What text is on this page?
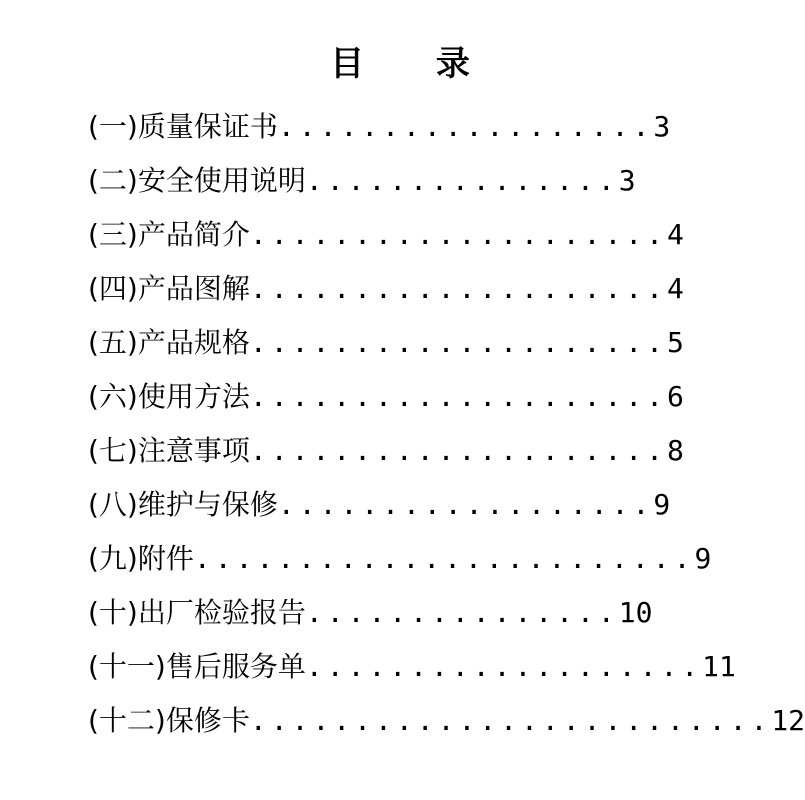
目 录
(一)质量保证书..................3
(二)安全使用说明...............3
(三)产品简介....................4
(四)产品图解....................4
(五)产品规格....................5
(六)使用方法....................6
(七)注意事项....................8
(八)维护与保修..................9
(九)附件........................9
(十)出厂检验报告...............10
(十一)售后服务单...................11
(十二)保修卡.........................12
